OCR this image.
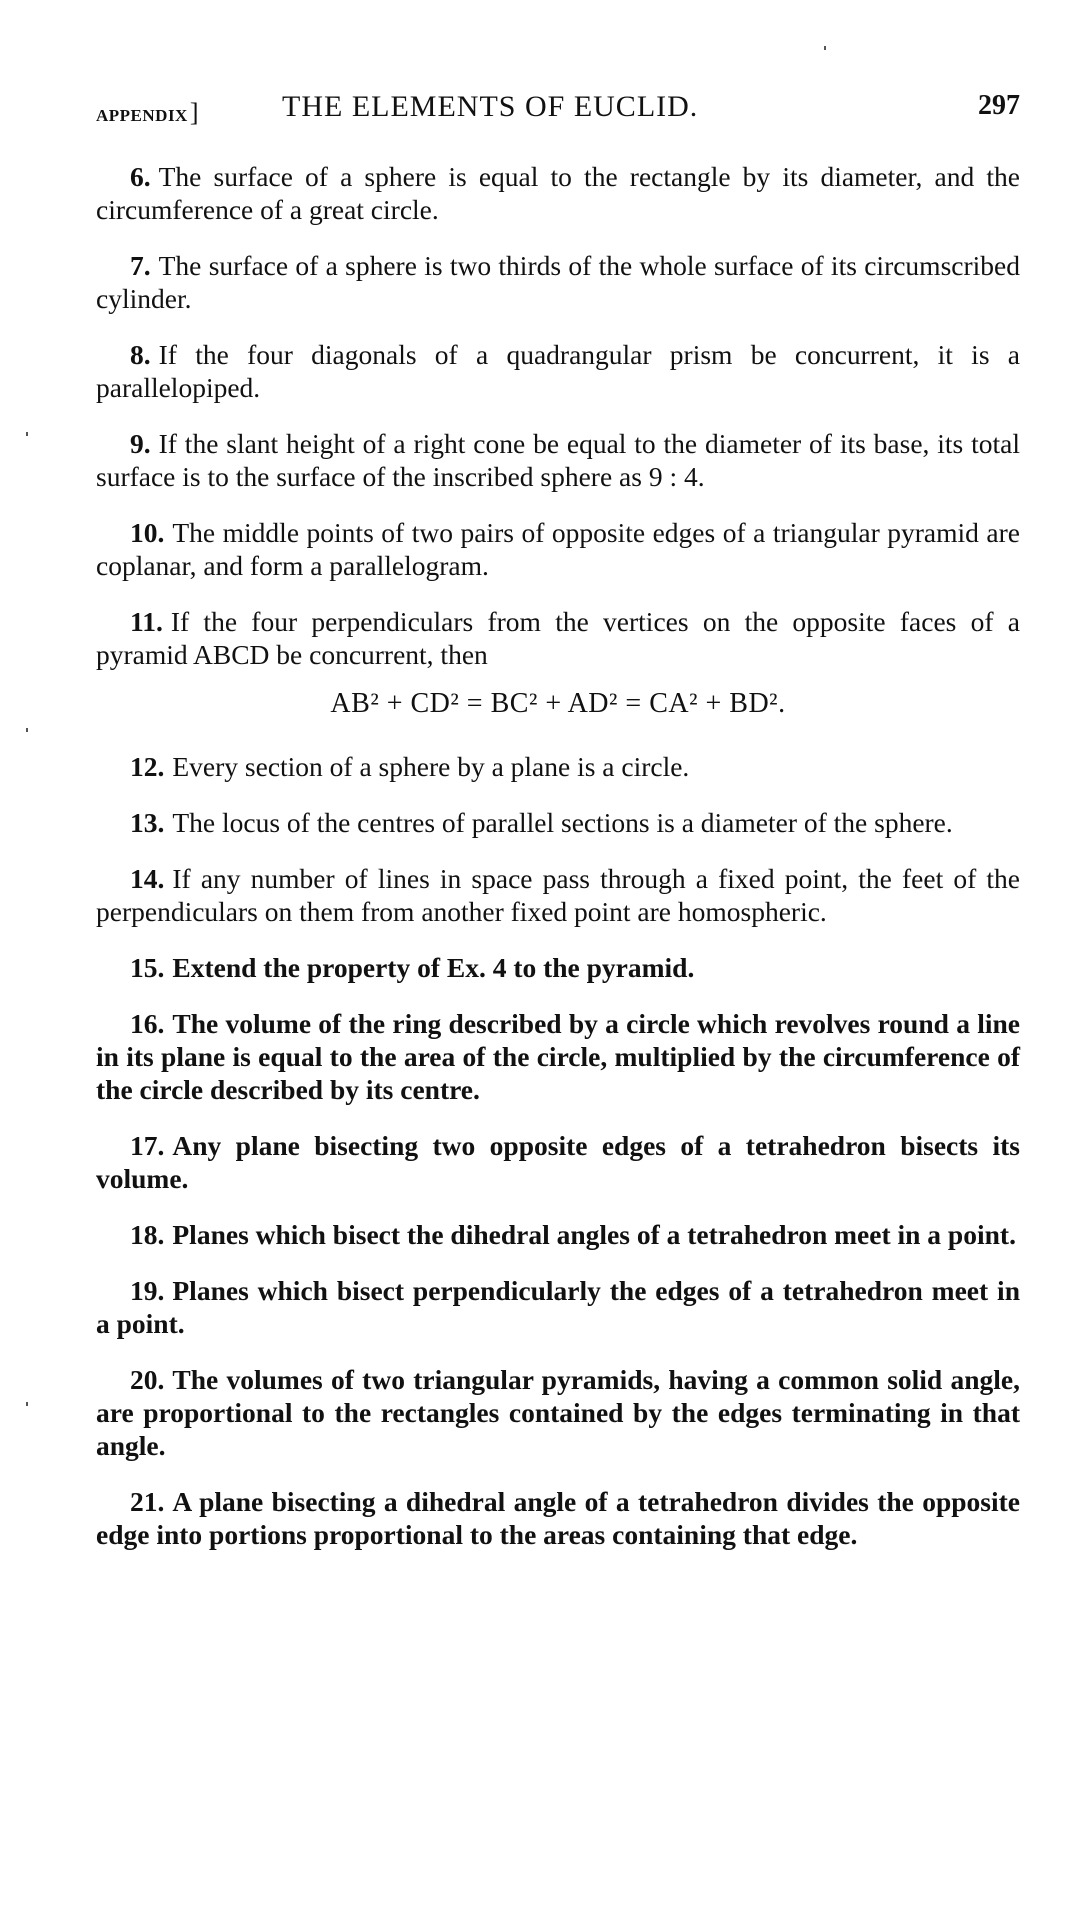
APPENDIX]	THE ELEMENTS OF EUCLID.	297

6. The surface of a sphere is equal to the rectangle by its diameter, and the circumference of a great circle.

7. The surface of a sphere is two thirds of the whole surface of its circumscribed cylinder.

8. If the four diagonals of a quadrangular prism be concurrent, it is a parallelopiped.

9. If the slant height of a right cone be equal to the diameter of its base, its total surface is to the surface of the inscribed sphere as 9 : 4.

10. The middle points of two pairs of opposite edges of a triangular pyramid are coplanar, and form a parallelogram.

11. If the four perpendiculars from the vertices on the opposite faces of a pyramid ABCD be concurrent, then

AB² + CD² = BC² + AD² = CA² + BD².

12. Every section of a sphere by a plane is a circle.

13. The locus of the centres of parallel sections is a diameter of the sphere.

14. If any number of lines in space pass through a fixed point, the feet of the perpendiculars on them from another fixed point are homospheric.

15. Extend the property of Ex. 4 to the pyramid.

16. The volume of the ring described by a circle which revolves round a line in its plane is equal to the area of the circle, multiplied by the circumference of the circle described by its centre.

17. Any plane bisecting two opposite edges of a tetrahedron bisects its volume.

18. Planes which bisect the dihedral angles of a tetrahedron meet in a point.

19. Planes which bisect perpendicularly the edges of a tetrahedron meet in a point.

20. The volumes of two triangular pyramids, having a common solid angle, are proportional to the rectangles contained by the edges terminating in that angle.

21. A plane bisecting a dihedral angle of a tetrahedron divides the opposite edge into portions proportional to the areas containing that edge.
